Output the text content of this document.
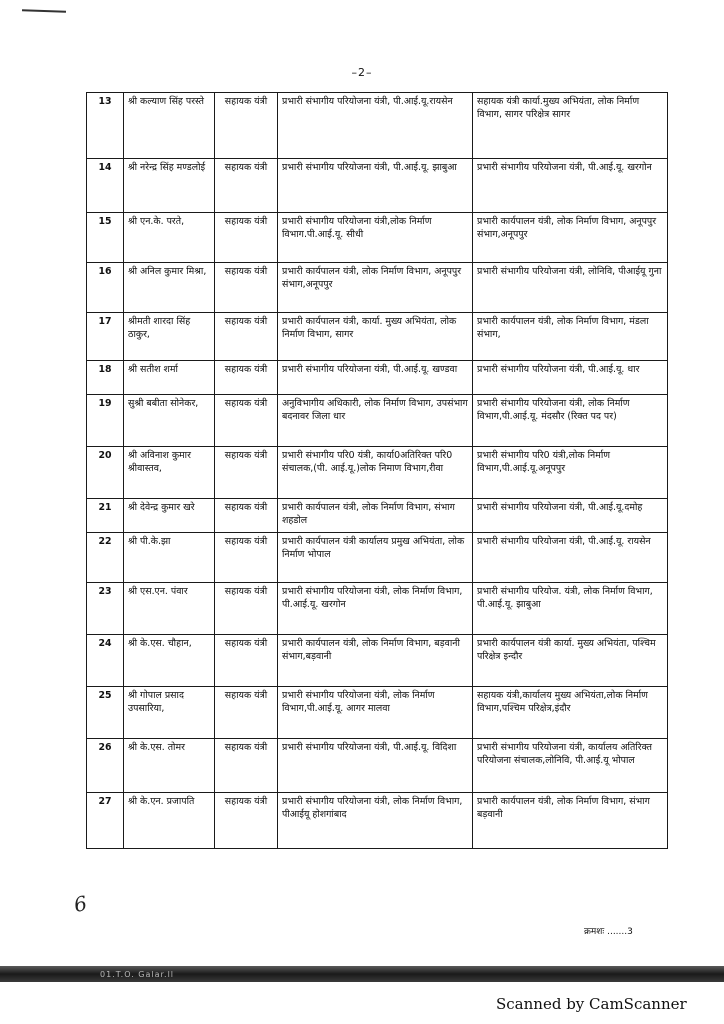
–2–
13	श्री कल्याण सिंह परस्ते	सहायक यंत्री	प्रभारी संभागीय परियोजना यंत्री, पी.आई.यू.रायसेन	सहायक यंत्री कार्या.मुख्य अभियंता, लोक निर्माण विभाग, सागर परिक्षेत्र सागर
14	श्री नरेन्द्र सिंह मण्डलोई	सहायक यंत्री	प्रभारी संभागीय परियोजना यंत्री, पी.आई.यू. झाबुआ	प्रभारी संभागीय परियोजना यंत्री, पी.आई.यू. खरगोन
15	श्री एन.के. परते,	सहायक यंत्री	प्रभारी संभागीय परियोजना यंत्री,लोक निर्माण विभाग.पी.आई.यू. सीधी	प्रभारी कार्यपालन यंत्री, लोक निर्माण विभाग, अनूपपुर संभाग,अनूपपुर
16	श्री अनिल कुमार मिश्रा,	सहायक यंत्री	प्रभारी कार्यपालन यंत्री, लोक निर्माण विभाग, अनूपपुर संभाग,अनूपपुर	प्रभारी संभागीय परियोजना यंत्री, लोनिवि, पीआईयू गुना
17	श्रीमती शारदा सिंह ठाकुर,	सहायक यंत्री	प्रभारी कार्यपालन यंत्री, कार्या. मुख्य अभियंता, लोक निर्माण विभाग, सागर	प्रभारी कार्यपालन यंत्री, लोक निर्माण विभाग, मंडला संभाग,
18	श्री सतीश शर्मा	सहायक यंत्री	प्रभारी संभागीय परियोजना यंत्री, पी.आई.यू. खण्डवा	प्रभारी संभागीय परियोजना यंत्री, पी.आई.यू. धार
19	सुश्री बबीता सोनेकर,	सहायक यंत्री	अनुविभागीय अधिकारी, लोक निर्माण विभाग, उपसंभाग बदनावर जिला धार	प्रभारी संभागीय परियोजना यंत्री, लोक निर्माण विभाग,पी.आई.यू. मंदसौर (रिक्त पद पर)
20	श्री अविनाश कुमार श्रीवास्तव,	सहायक यंत्री	प्रभारी संभागीय परि0 यंत्री, कार्या0अतिरिक्त परि0 संचालक,(पी. आई.यू.)लोक निमाण विभाग,रीवा	प्रभारी संभागीय परि0 यंत्री,लोक निर्माण विभाग,पी.आई.यू.अनूपपुर
21	श्री देवेन्द्र कुमार खरे	सहायक यंत्री	प्रभारी कार्यपालन यंत्री, लोक निर्माण विभाग, संभाग शहडोल	प्रभारी संभागीय परियोजना यंत्री, पी.आई.यू.दमोह
22	श्री पी.के.झा	सहायक यंत्री	प्रभारी कार्यपालन यंत्री कार्यालय प्रमुख अभियंता, लोक निर्माण भोपाल	प्रभारी संभागीय परियोजना यंत्री, पी.आई.यू. रायसेन
23	श्री एस.एन. पंवार	सहायक यंत्री	प्रभारी संभागीय परियोजना यंत्री, लोक निर्माण विभाग, पी.आई.यू. खरगोन	प्रभारी संभागीय परियोज. यंत्री, लोक निर्माण विभाग, पी.आई.यू. झाबुआ
24	श्री के.एस. चौहान,	सहायक यंत्री	प्रभारी कार्यपालन यंत्री, लोक निर्माण विभाग, बड़वानी संभाग,बड़वानी	प्रभारी कार्यपालन यंत्री कार्या. मुख्य अभियंता, पश्चिम परिक्षेत्र इन्दौर
25	श्री गोपाल प्रसाद उपसारिया,	सहायक यंत्री	प्रभारी संभागीय परियोजना यंत्री, लोक निर्माण विभाग,पी.आई.यू. आगर मालवा	सहायक यंत्री,कार्यालय मुख्य अभियंता,लोक निर्माण विभाग,पश्चिम परिक्षेत्र,इंदौर
26	श्री के.एस. तोमर	सहायक यंत्री	प्रभारी संभागीय परियोजना यंत्री, पी.आई.यू. विदिशा	प्रभारी संभागीय परियोजना यंत्री, कार्यालय अतिरिक्त परियोजना संचालक,लोनिवि, पी.आई.यू भोपाल
27	श्री के.एन. प्रजापति	सहायक यंत्री	प्रभारी संभागीय परियोजना यंत्री, लोक निर्माण विभाग, पीआईयू होशगांबाद	प्रभारी कार्यपालन यंत्री, लोक निर्माण विभाग, संभाग बड़वानी
6
क्रमशः .......3
01.T.O. Galar.ll
Scanned by CamScanner
